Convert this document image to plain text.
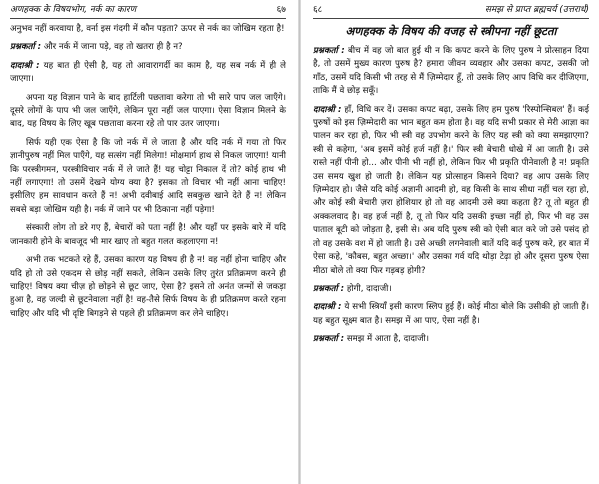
अणहक्क के विषयभोग, नर्क का कारण	६७

अनुभव नहीं करवाया है, वर्ना इस गंदगी में कौन पड़ता? ऊपर से नर्क का जोखिम रहता है!

प्रश्नकर्ता : और नर्क में जाना पड़े, वह तो खतरा ही है न?

दादाश्री : यह बात ही ऐसी है, यह तो आवारागर्दी का काम है, यह सब नर्क में ही ले जाएगा।

अपना यह विज्ञान पाने के बाद हार्टिली पछतावा करेगा तो भी सारे पाप जल जाएँगे। दूसरे लोगों के पाप भी जल जाएँगे, लेकिन पूरा नहीं जल पाएगा। ऐसा विज्ञान मिलने के बाद, यह विषय के लिए खूब पछतावा करना रहे तो पार उतर जाएगा।

सिर्फ यही एक ऐसा है कि जो नर्क में ले जाता है और यदि नर्क में गया तो फिर ज्ञानीपुरुष नहीं मिल पाएँगे, यह सत्संग नहीं मिलेगा! मोक्षमार्ग हाथ से निकल जाएगा! यानी कि परस्त्रीगमन, परस्त्रीविचार नर्क में ले जाते हैं! यह चोट्टा निकाल दें तो? कोई हाथ भी नहीं लगाएगा! तो उसमें देखने योग्य क्या है? इसका तो विचार भी नहीं आना चाहिए! इसीलिए हम सावधान करते हैं न! अभी दवीबाई आदि सबकुछ खाने देते हैं न! लेकिन सबसे बड़ा जोखिम यही है। नर्क में जाने पर भी ठिकाना नहीं पड़ेगा!

संस्कारी लोग तो डरे गए हैं, बेचारों को पता नहीं है! और यहाँ पर इसके बारे में यदि जानकारी होने के बावजूद भी मार खाए तो बहुत गलत कहलाएगा न!

अभी तक भटकते रहे हैं, उसका कारण यह विषय ही है न! वह नहीं होना चाहिए और यदि हो तो उसे एकदम से छोड़ नहीं सकते, लेकिन उसके लिए तुरंत प्रतिक्रमण करने ही चाहिए! विषय क्या चीज़ हो छोड़ने से छूट जाए, ऐसा है? इसने तो अनंत जन्मों से जकड़ा हुआ है, वह जल्दी से छूटनेवाला नहीं है! वह-तैसे सिर्फ विषय के ही प्रतिक्रमण करते रहना चाहिए और यदि भी दृष्टि बिगड़ने से पहले ही प्रतिक्रमण कर लेने चाहिए।

६८	समझ से प्राप्त ब्रह्मचर्य (उत्तरार्ध)
अणहक्क के विषय की वजह से स्त्रीपना नहीं छूटता

प्रश्नकर्ता : बीच में वह जो बात हुई थी न कि कपट करने के लिए पुरुष ने प्रोत्साहन दिया है, तो उसमें मुख्य कारण पुरुष है? हमारा जीवन व्यवहार और उसका कपट, उसकी जो गाँठ, उसमें यदि किसी भी तरह से मैं ज़िम्मेदार हूँ, तो उसके लिए आप विधि कर दीजिएगा, ताकि मैं वे छोड़ सकूँ।

दादाश्री : हाँ, विधि कर दें। उसका कपट बढ़ा, उसके लिए हम पुरुष 'रिस्पोन्सिबल' हैं। कई पुरुषों को इस ज़िम्मेदारी का भान बहुत कम होता है। वह यदि सभी प्रकार से मेरी आज्ञा का पालन कर रहा हो, फिर भी स्त्री वह उपभोग करने के लिए यह स्त्री को क्या समझाएगा? स्त्री से कहेगा, 'अब इसमें कोई हर्ज नहीं है।' फिर स्त्री बेचारी धोखे में आ जाती है। उसे रास्ते नहीं पीनी हो... और पीनी भी नहीं हो, लेकिन फिर भी प्रकृति पीनेवाली है न! प्रकृति उस समय खुश हो जाती है। लेकिन यह प्रोत्साहन किसने दिया? वह आप उसके लिए ज़िम्मेदार हो। जैसे यदि कोई अज्ञानी आदमी हो, वह किसी के साथ सीधा नहीं चल रहा हो, और कोई स्त्री बेचारी ज़रा होशियार हो तो वह आदमी उसे क्या कहता है? तू तो बहुत ही अक्कलवाद है। वह हर्ज नहीं है, तू तो फिर यदि उसकी इच्छा नहीं हो, फिर भी वह उस पाताल बूटी को जोड़ता है, इसी से। अब यदि पुरुष स्त्री को ऐसी बात करे जो उसे पसंद हो तो वह उसके वश में हो जाती है। उसे अच्छी लगनेवाली बातें यदि कई पुरुष करे, हर बात में ऐसा कहे, 'कौबस, बहुत अच्छा।' और उसका गर्व यदि थोड़ा टेढ़ा हो और दूसरा पुरुष ऐसा मीठा बोले तो क्या फिर गड़बड़ होगी?

प्रश्नकर्ता : होगी, दादाजी।

दादाश्री : ये सभी स्त्रियाँ इसी कारण स्लिप हुई हैं। कोई मीठा बोले कि उसीकी हो जाती हैं। यह बहुत सूक्ष्म बात है। समझ में आ पाए, ऐसा नहीं है।

प्रश्नकर्ता : समझ में आता है, दादाजी।
